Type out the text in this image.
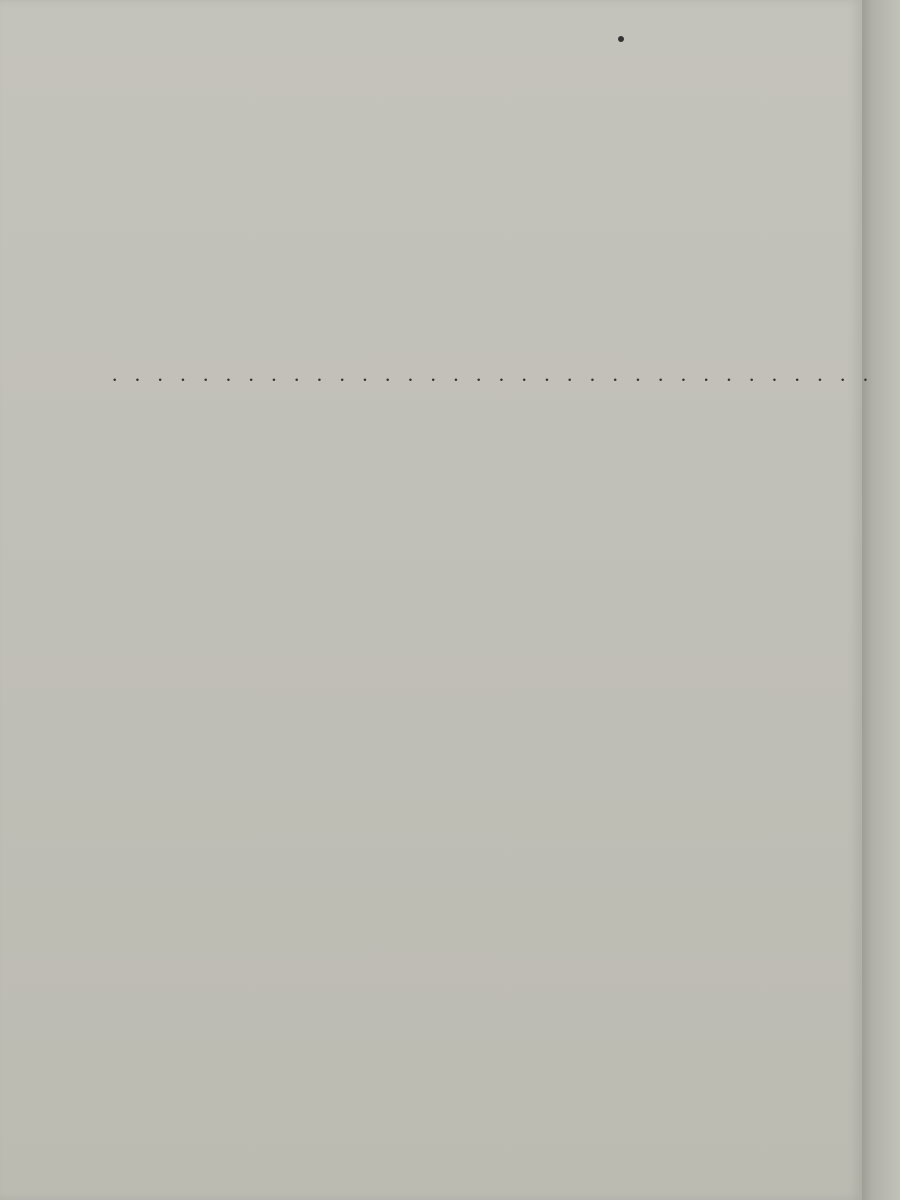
. . . . . . . . . . . . . . . . . . . . . . . . . . . . . . . . . .
